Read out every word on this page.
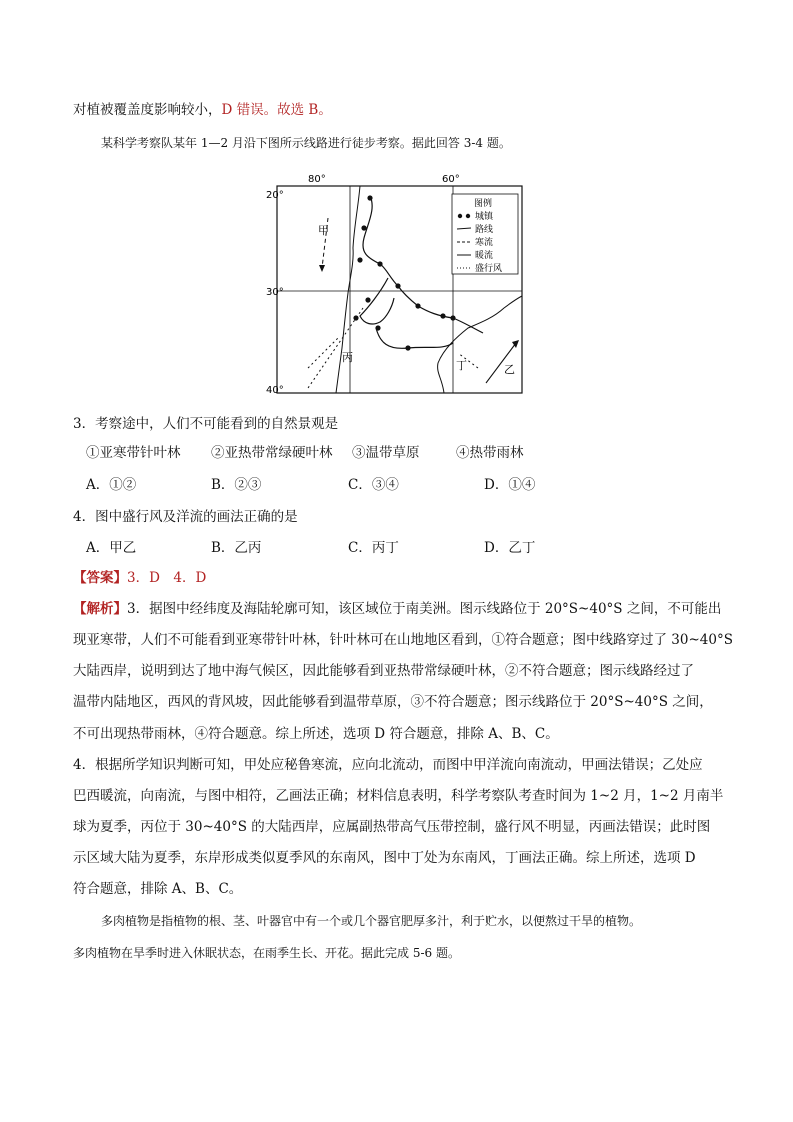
对植被覆盖度影响较小，D 错误。故选 B。
某科学考察队某年 1—2 月沿下图所示线路进行徒步考察。据此回答 3-4 题。
80°	60°
20°
30°
40°
甲
丙
丁	乙
图例
城镇
路线
寒流
暖流
盛行风
3．考察途中，人们不可能看到的自然景观是
①亚寒带针叶林 ②亚热带常绿硬叶林 ③温带草原	④热带雨林
A．①②	B．②③	C．③④	D．①④
4．图中盛行风及洋流的画法正确的是
A．甲乙	B．乙丙	C．丙丁	D．乙丁
【答案】3．D　4．D
【解析】3．据图中经纬度及海陆轮廓可知，该区域位于南美洲。图示线路位于 20°S~40°S 之间，不可能出
现亚寒带，人们不可能看到亚寒带针叶林，针叶林可在山地地区看到，①符合题意；图中线路穿过了 30~40°S
大陆西岸，说明到达了地中海气候区，因此能够看到亚热带常绿硬叶林，②不符合题意；图示线路经过了
温带内陆地区，西风的背风坡，因此能够看到温带草原，③不符合题意；图示线路位于 20°S~40°S 之间，
不可出现热带雨林，④符合题意。综上所述，选项 D 符合题意，排除 A、B、C。
4．根据所学知识判断可知，甲处应秘鲁寒流，应向北流动，而图中甲洋流向南流动，甲画法错误；乙处应
巴西暖流，向南流，与图中相符，乙画法正确；材料信息表明，科学考察队考查时间为 1~2 月，1~2 月南半
球为夏季，丙位于 30~40°S 的大陆西岸，应属副热带高气压带控制，盛行风不明显，丙画法错误；此时图
示区域大陆为夏季，东岸形成类似夏季风的东南风，图中丁处为东南风，丁画法正确。综上所述，选项 D
符合题意，排除 A、B、C。
多肉植物是指植物的根、茎、叶器官中有一个或几个器官肥厚多汁，利于贮水，以便熬过干旱的植物。
多肉植物在旱季时进入休眠状态，在雨季生长、开花。据此完成 5-6 题。
